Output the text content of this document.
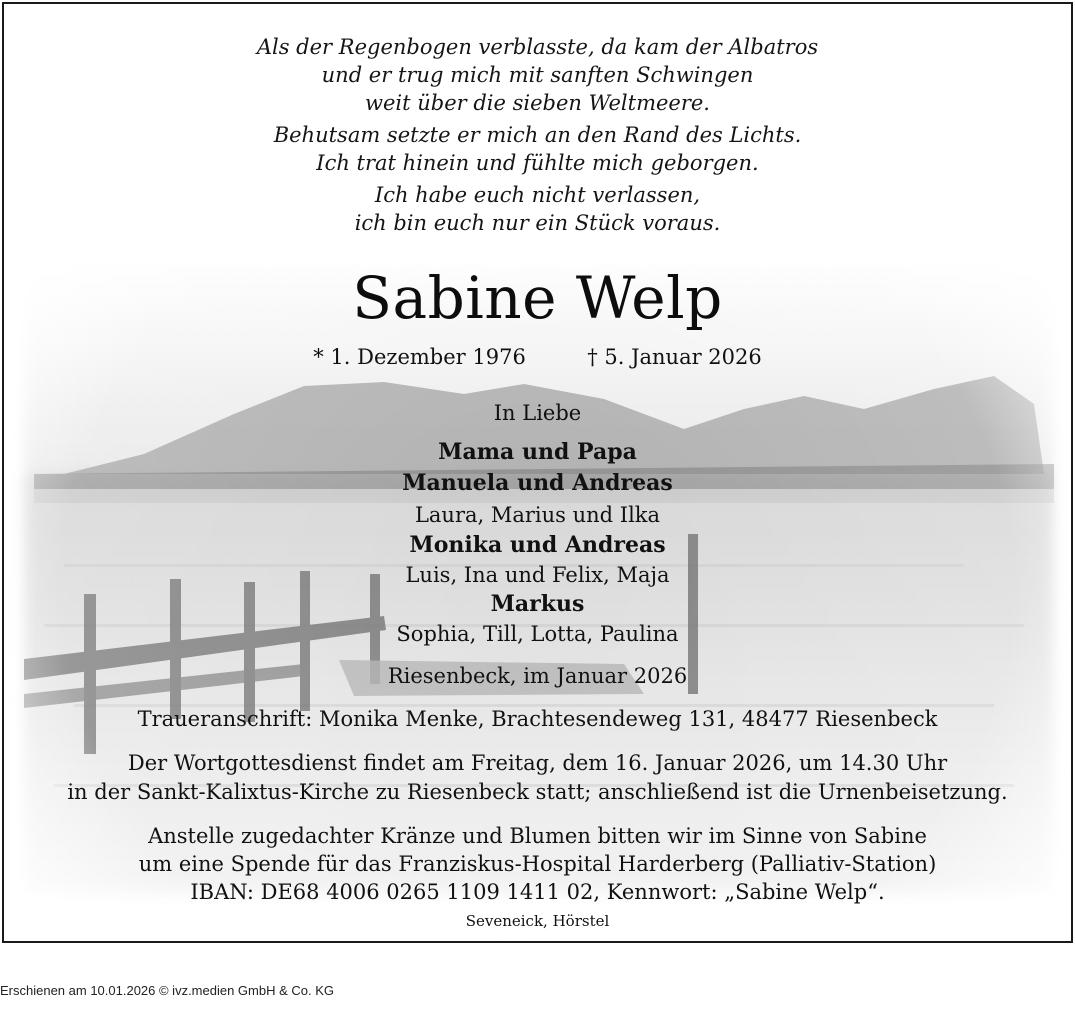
Als der Regenbogen verblasste, da kam der Albatros
und er trug mich mit sanften Schwingen
weit über die sieben Weltmeere.
Behutsam setzte er mich an den Rand des Lichts.
Ich trat hinein und fühlte mich geborgen.
Ich habe euch nicht verlassen,
ich bin euch nur ein Stück voraus.
Sabine Welp
* 1. Dezember 1976	† 5. Januar 2026
In Liebe
Mama und Papa
Manuela und Andreas
Laura, Marius und Ilka
Monika und Andreas
Luis, Ina und Felix, Maja
Markus
Sophia, Till, Lotta, Paulina
Riesenbeck, im Januar 2026
Traueranschrift: Monika Menke, Brachtesendeweg 131, 48477 Riesenbeck
Der Wortgottesdienst findet am Freitag, dem 16. Januar 2026, um 14.30 Uhr
in der Sankt-Kalixtus-Kirche zu Riesenbeck statt; anschließend ist die Urnenbeisetzung.
Anstelle zugedachter Kränze und Blumen bitten wir im Sinne von Sabine
um eine Spende für das Franziskus-Hospital Harderberg (Palliativ-Station)
IBAN: DE68 4006 0265 1109 1411 02, Kennwort: „Sabine Welp“.
Seveneick, Hörstel
Erschienen am 10.01.2026 © ivz.medien GmbH & Co. KG
